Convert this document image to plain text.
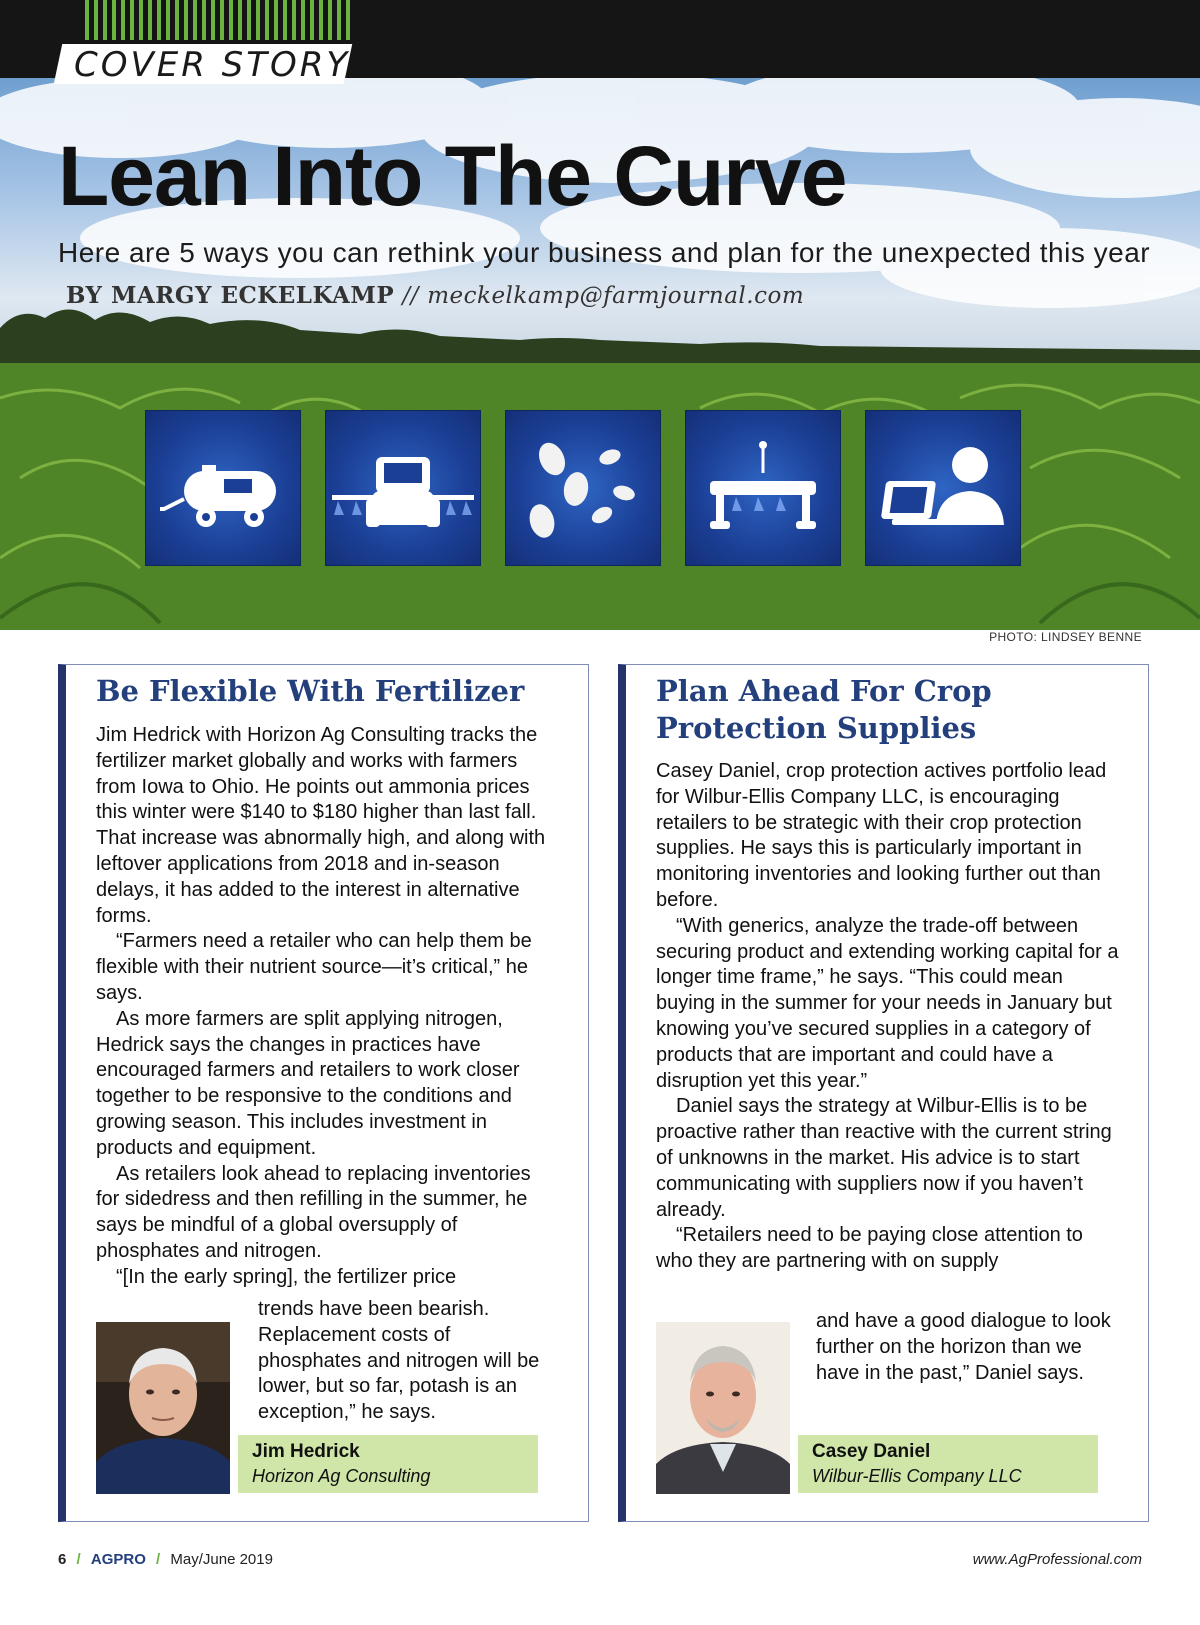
COVER STORY
Lean Into The Curve
Here are 5 ways you can rethink your business and plan for the unexpected this year BY MARGY ECKELKAMP // meckelkamp@farmjournal.com
PHOTO: LINDSEY BENNE
Be Flexible With Fertilizer

Jim Hedrick with Horizon Ag Consulting tracks the fertilizer market globally and works with farmers from Iowa to Ohio. He points out ammonia prices this winter were $140 to $180 higher than last fall. That increase was abnormally high, and along with leftover applications from 2018 and in-season delays, it has added to the interest in alternative forms.

“Farmers need a retailer who can help them be flexible with their nutrient source—it’s critical,” he says.

As more farmers are split applying nitrogen, Hedrick says the changes in practices have encouraged farmers and retailers to work closer together to be responsive to the conditions and growing season. This includes investment in products and equipment.

As retailers look ahead to replacing inventories for sidedress and then refilling in the summer, he says be mindful of a global oversupply of phosphates and nitrogen.

“[In the early spring], the fertilizer price

trends have been bearish. Replacement costs of phosphates and nitrogen will be lower, but so far, potash is an exception,” he says.

Jim Hedrick
Horizon Ag Consulting
Plan Ahead For Crop Protection Supplies

Casey Daniel, crop protection actives portfolio lead for Wilbur-Ellis Company LLC, is encouraging retailers to be strategic with their crop protection supplies. He says this is particularly important in monitoring inventories and looking further out than before.

“With generics, analyze the trade-off between securing product and extending working capital for a longer time frame,” he says. “This could mean buying in the summer for your needs in January but knowing you’ve secured supplies in a category of products that are important and could have a disruption yet this year.”

Daniel says the strategy at Wilbur-Ellis is to be proactive rather than reactive with the current string of unknowns in the market. His advice is to start communicating with suppliers now if you haven’t already.

“Retailers need to be paying close attention to who they are partnering with on supply

and have a good dialogue to look further on the horizon than we have in the past,” Daniel says.

Casey Daniel
Wilbur-Ellis Company LLC
6 / AGPRO / May/June 2019	www.AgProfessional.com
